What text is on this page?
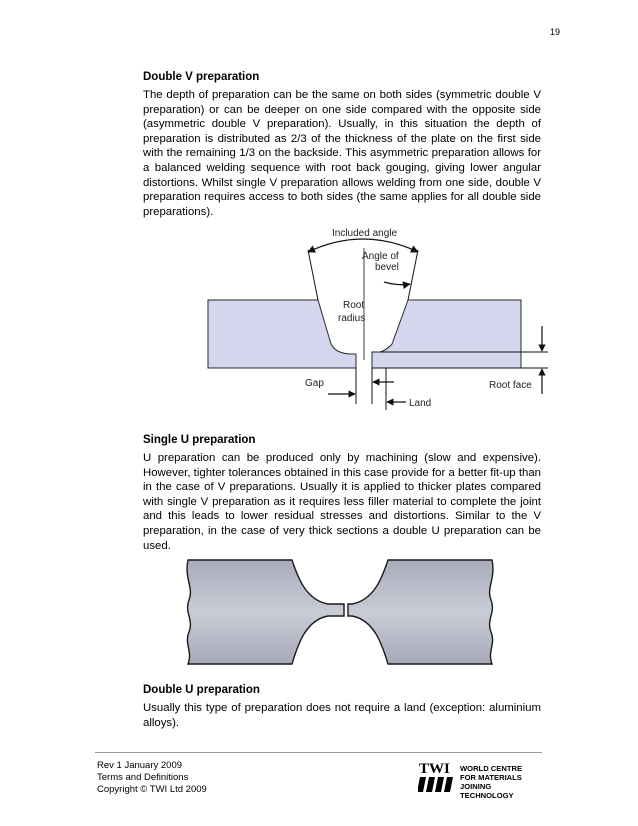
19
Double V preparation

The depth of preparation can be the same on both sides (symmetric double V preparation) or can be deeper on one side compared with the opposite side (asymmetric double V preparation). Usually, in this situation the depth of preparation is distributed as 2/3 of the thickness of the plate on the first side with the remaining 1/3 on the backside. This asymmetric preparation allows for a balanced welding sequence with root back gouging, giving lower angular distortions. Whilst single V preparation allows welding from one side, double V preparation requires access to both sides (the same applies for all double side preparations).

Included angle
Angle of
bevel
Root
radius
Gap
Land
Root face
Single U preparation

U preparation can be produced only by machining (slow and expensive). However, tighter tolerances obtained in this case provide for a better fit-up than in the case of V preparations. Usually it is applied to thicker plates compared with single V preparation as it requires less filler material to complete the joint and this leads to lower residual stresses and distortions. Similar to the V preparation, in the case of very thick sections a double U preparation can be used.

Double U preparation

Usually this type of preparation does not require a land (exception: aluminium alloys).

Rev 1 January 2009
Terms and Definitions
Copyright © TWI Ltd 2009
TWI WORLD CENTRE
FOR MATERIALS
JOINING TECHNOLOGY
